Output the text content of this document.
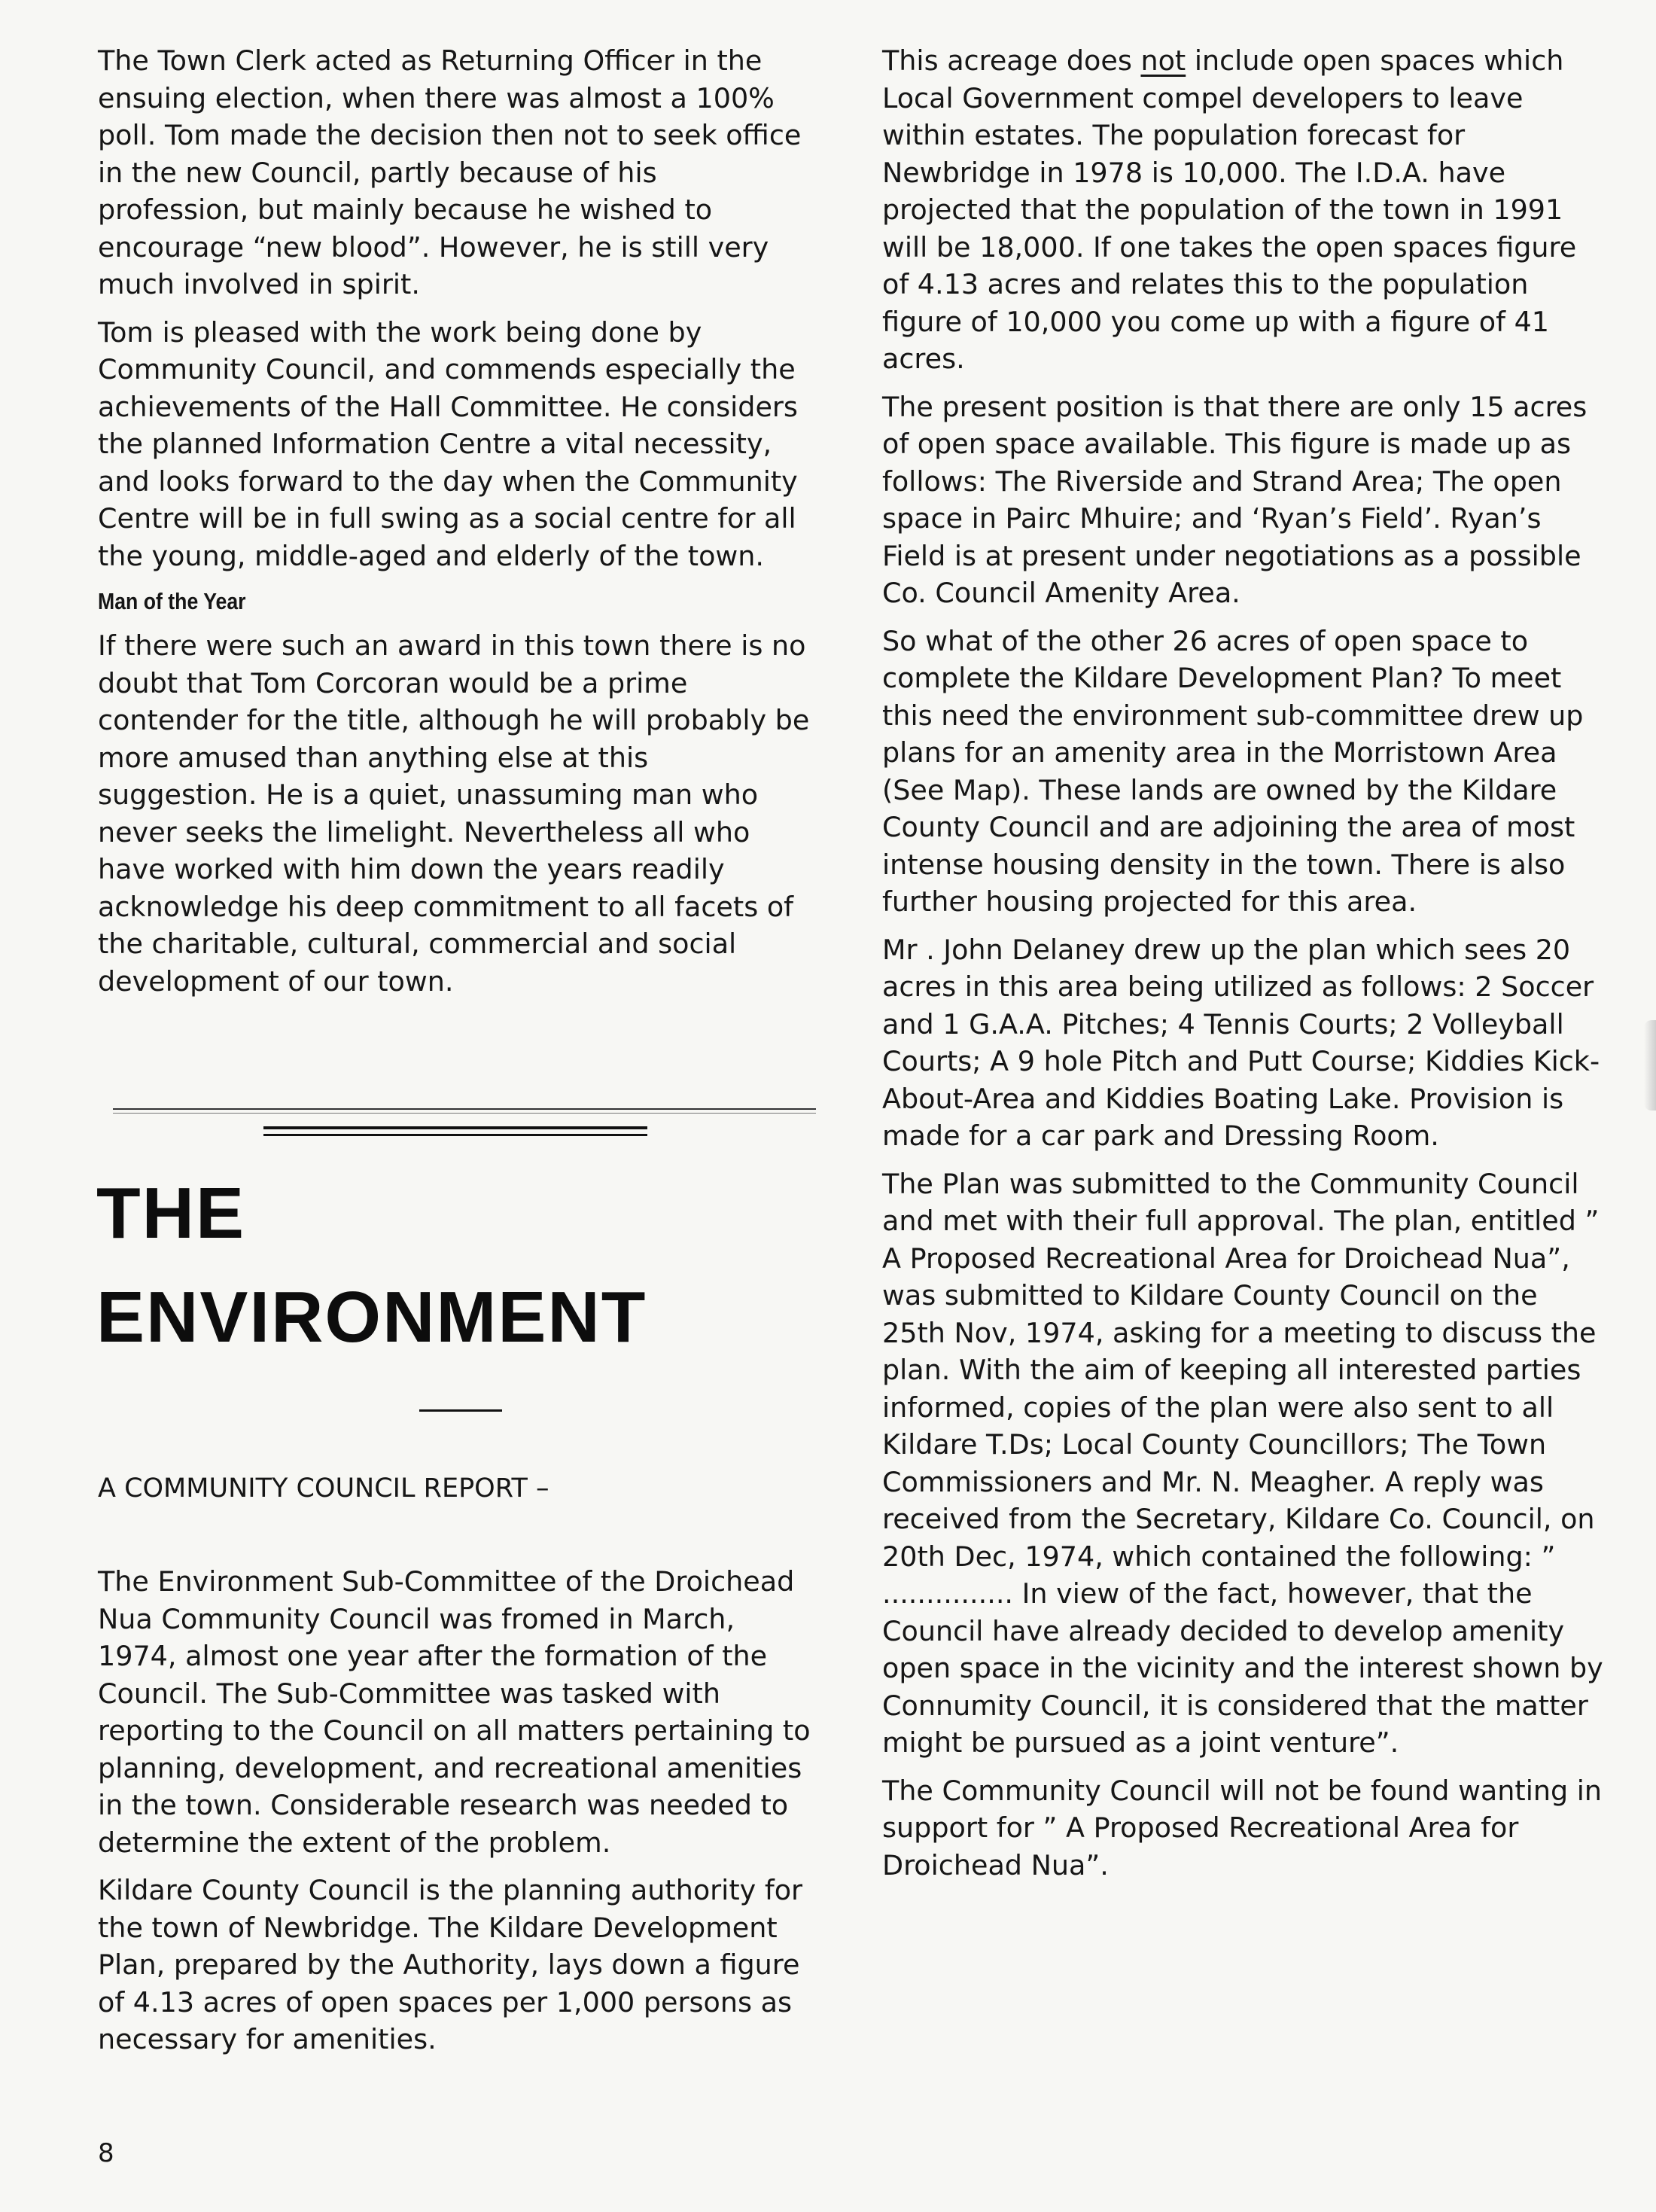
The Town Clerk acted as Returning Officer in the ensuing election, when there was almost a 100% poll. Tom made the decision then not to seek office in the new Council, partly because of his profession, but mainly because he wished to encourage “new blood”. However, he is still very much involved in spirit.

Tom is pleased with the work being done by Community Council, and commends especially the achievements of the Hall Committee. He considers the planned Information Centre a vital necessity, and looks forward to the day when the Community Centre will be in full swing as a social centre for all the young, middle-aged and elderly of the town.

Man of the Year

If there were such an award in this town there is no doubt that Tom Corcoran would be a prime contender for the title, although he will probably be more amused than anything else at this suggestion. He is a quiet, unassuming man who never seeks the limelight. Nevertheless all who have worked with him down the years readily acknowledge his deep commitment to all facets of the charitable, cultural, commercial and social development of our town.

THE
ENVIRONMENT
A COMMUNITY COUNCIL REPORT –

The Environment Sub-Committee of the Droichead Nua Community Council was fromed in March, 1974, almost one year after the formation of the Council. The Sub-Committee was tasked with reporting to the Council on all matters pertaining to planning, development, and recreational amenities in the town. Considerable research was needed to determine the extent of the problem.

Kildare County Council is the planning authority for the town of Newbridge. The Kildare Development Plan, prepared by the Authority, lays down a figure of 4.13 acres of open spaces per 1,000 persons as necessary for amenities.

This acreage does not include open spaces which Local Government compel developers to leave within estates. The population forecast for Newbridge in 1978 is 10,000. The I.D.A. have projected that the population of the town in 1991 will be 18,000. If one takes the open spaces figure of 4.13 acres and relates this to the population figure of 10,000 you come up with a figure of 41 acres.

The present position is that there are only 15 acres of open space available. This figure is made up as follows: The Riverside and Strand Area; The open space in Pairc Mhuire; and ‘Ryan’s Field’. Ryan’s Field is at present under negotiations as a possible Co. Council Amenity Area.

So what of the other 26 acres of open space to complete the Kildare Development Plan? To meet this need the environment sub-committee drew up plans for an amenity area in the Morristown Area (See Map). These lands are owned by the Kildare County Council and are adjoining the area of most intense housing density in the town. There is also further housing projected for this area.

Mr . John Delaney drew up the plan which sees 20 acres in this area being utilized as follows: 2 Soccer and 1 G.A.A. Pitches; 4 Tennis Courts; 2 Volleyball Courts; A 9 hole Pitch and Putt Course; Kiddies Kick-About-Area and Kiddies Boating Lake. Provision is made for a car park and Dressing Room.

The Plan was submitted to the Community Council and met with their full approval. The plan, entitled ” A Proposed Recreational Area for Droichead Nua”, was submitted to Kildare County Council on the 25th Nov, 1974, asking for a meeting to discuss the plan. With the aim of keeping all interested parties informed, copies of the plan were also sent to all Kildare T.Ds; Local County Councillors; The Town Commissioners and Mr. N. Meagher. A reply was received from the Secretary, Kildare Co. Council, on 20th Dec, 1974, which contained the following: ” ............... In view of the fact, however, that the Council have already decided to develop amenity open space in the vicinity and the interest shown by Connumity Council, it is considered that the matter might be pursued as a joint venture”.

The Community Council will not be found wanting in support for ” A Proposed Recreational Area for Droichead Nua”.

8
